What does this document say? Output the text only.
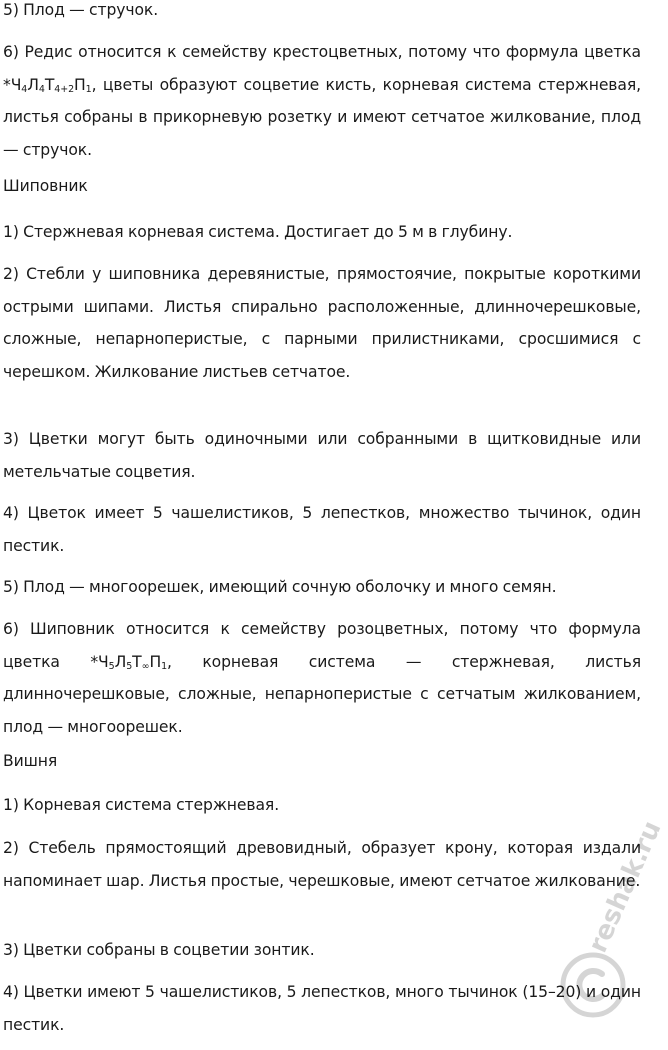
5) Плод — стручок.

6) Редис относится к семейству крестоцветных, потому что формула цветка $*Ч_4Л_4Т_{4+2}П_1$, цветы образуют соцветие кисть, корневая система стержневая, листья собраны в прикорневую розетку и имеют сетчатое жилкование, плод — стручок.

Шиповник

1) Стержневая корневая система. Достигает до 5 м в глубину.

2) Стебли у шиповника деревянистые, прямостоячие, покрытые короткими острыми шипами. Листья спирально расположенные, длинночерешковые, сложные, непарноперистые, с парными прилистниками, сросшимися с черешком. Жилкование листьев сетчатое.

3) Цветки могут быть одиночными или собранными в щитковидные или метельчатые соцветия.

4) Цветок имеет 5 чашелистиков, 5 лепестков, множество тычинок, один пестик.

5) Плод — многоорешек, имеющий сочную оболочку и много семян.

6) Шиповник относится к семейству розоцветных, потому что формула цветка $*Ч_5Л_5Т_\infty П_1$, корневая система — стержневая, листья длинночерешковые, сложные, непарноперистые с сетчатым жилкованием, плод — многоорешек.

Вишня

1) Корневая система стержневая.

2) Стебель прямостоящий древовидный, образует крону, которая издали напоминает шар. Листья простые, черешковые, имеют сетчатое жилкование.

3) Цветки собраны в соцветии зонтик.

4) Цветки имеют 5 чашелистиков, 5 лепестков, много тычинок (15–20) и один пестик.

reshak.ru
